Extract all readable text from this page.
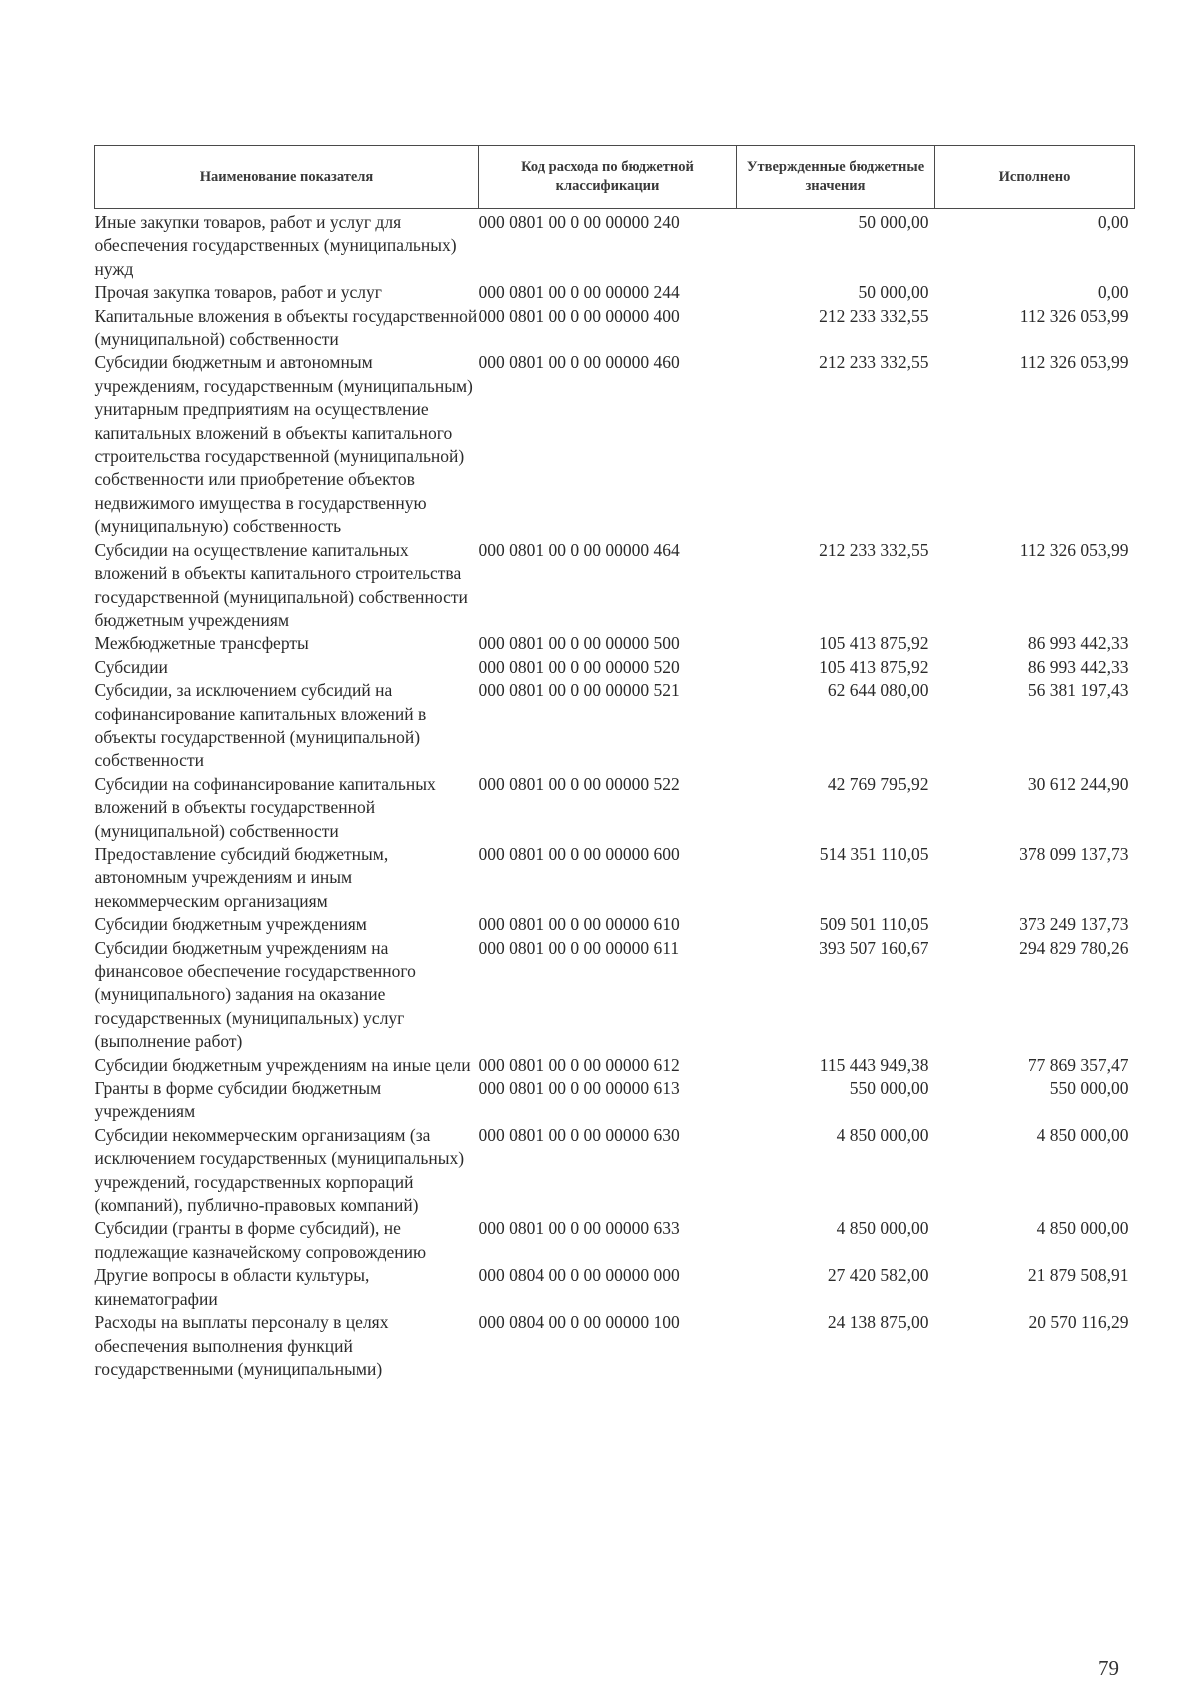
Наименование показателя	Код расхода по бюджетной классификации	Утвержденные бюджетные значения	Исполнено
Иные закупки товаров, работ и услуг для обеспечения государственных (муниципальных) нужд	000 0801 00 0 00 00000 240	50 000,00	0,00
Прочая закупка товаров, работ и услуг	000 0801 00 0 00 00000 244	50 000,00	0,00
Капитальные вложения в объекты государственной (муниципальной) собственности	000 0801 00 0 00 00000 400	212 233 332,55	112 326 053,99
Субсидии бюджетным и автономным учреждениям, государственным (муниципальным) унитарным предприятиям на осуществление капитальных вложений в объекты капитального строительства государственной (муниципальной) собственности или приобретение объектов недвижимого имущества в государственную (муниципальную) собственность	000 0801 00 0 00 00000 460	212 233 332,55	112 326 053,99
Субсидии на осуществление капитальных вложений в объекты капитального строительства государственной (муниципальной) собственности бюджетным учреждениям	000 0801 00 0 00 00000 464	212 233 332,55	112 326 053,99
Межбюджетные трансферты	000 0801 00 0 00 00000 500	105 413 875,92	86 993 442,33
Субсидии	000 0801 00 0 00 00000 520	105 413 875,92	86 993 442,33
Субсидии, за исключением субсидий на софинансирование капитальных вложений в объекты государственной (муниципальной) собственности	000 0801 00 0 00 00000 521	62 644 080,00	56 381 197,43
Субсидии на софинансирование капитальных вложений в объекты государственной (муниципальной) собственности	000 0801 00 0 00 00000 522	42 769 795,92	30 612 244,90
Предоставление субсидий бюджетным, автономным учреждениям и иным некоммерческим организациям	000 0801 00 0 00 00000 600	514 351 110,05	378 099 137,73
Субсидии бюджетным учреждениям	000 0801 00 0 00 00000 610	509 501 110,05	373 249 137,73
Субсидии бюджетным учреждениям на финансовое обеспечение государственного (муниципального) задания на оказание государственных (муниципальных) услуг (выполнение работ)	000 0801 00 0 00 00000 611	393 507 160,67	294 829 780,26
Субсидии бюджетным учреждениям на иные цели	000 0801 00 0 00 00000 612	115 443 949,38	77 869 357,47
Гранты в форме субсидии бюджетным учреждениям	000 0801 00 0 00 00000 613	550 000,00	550 000,00
Субсидии некоммерческим организациям (за исключением государственных (муниципальных) учреждений, государственных корпораций (компаний), публично-правовых компаний)	000 0801 00 0 00 00000 630	4 850 000,00	4 850 000,00
Субсидии (гранты в форме субсидий), не подлежащие казначейскому сопровождению	000 0801 00 0 00 00000 633	4 850 000,00	4 850 000,00
Другие вопросы в области культуры, кинематографии	000 0804 00 0 00 00000 000	27 420 582,00	21 879 508,91
Расходы на выплаты персоналу в целях обеспечения выполнения функций государственными (муниципальными)	000 0804 00 0 00 00000 100	24 138 875,00	20 570 116,29
79
